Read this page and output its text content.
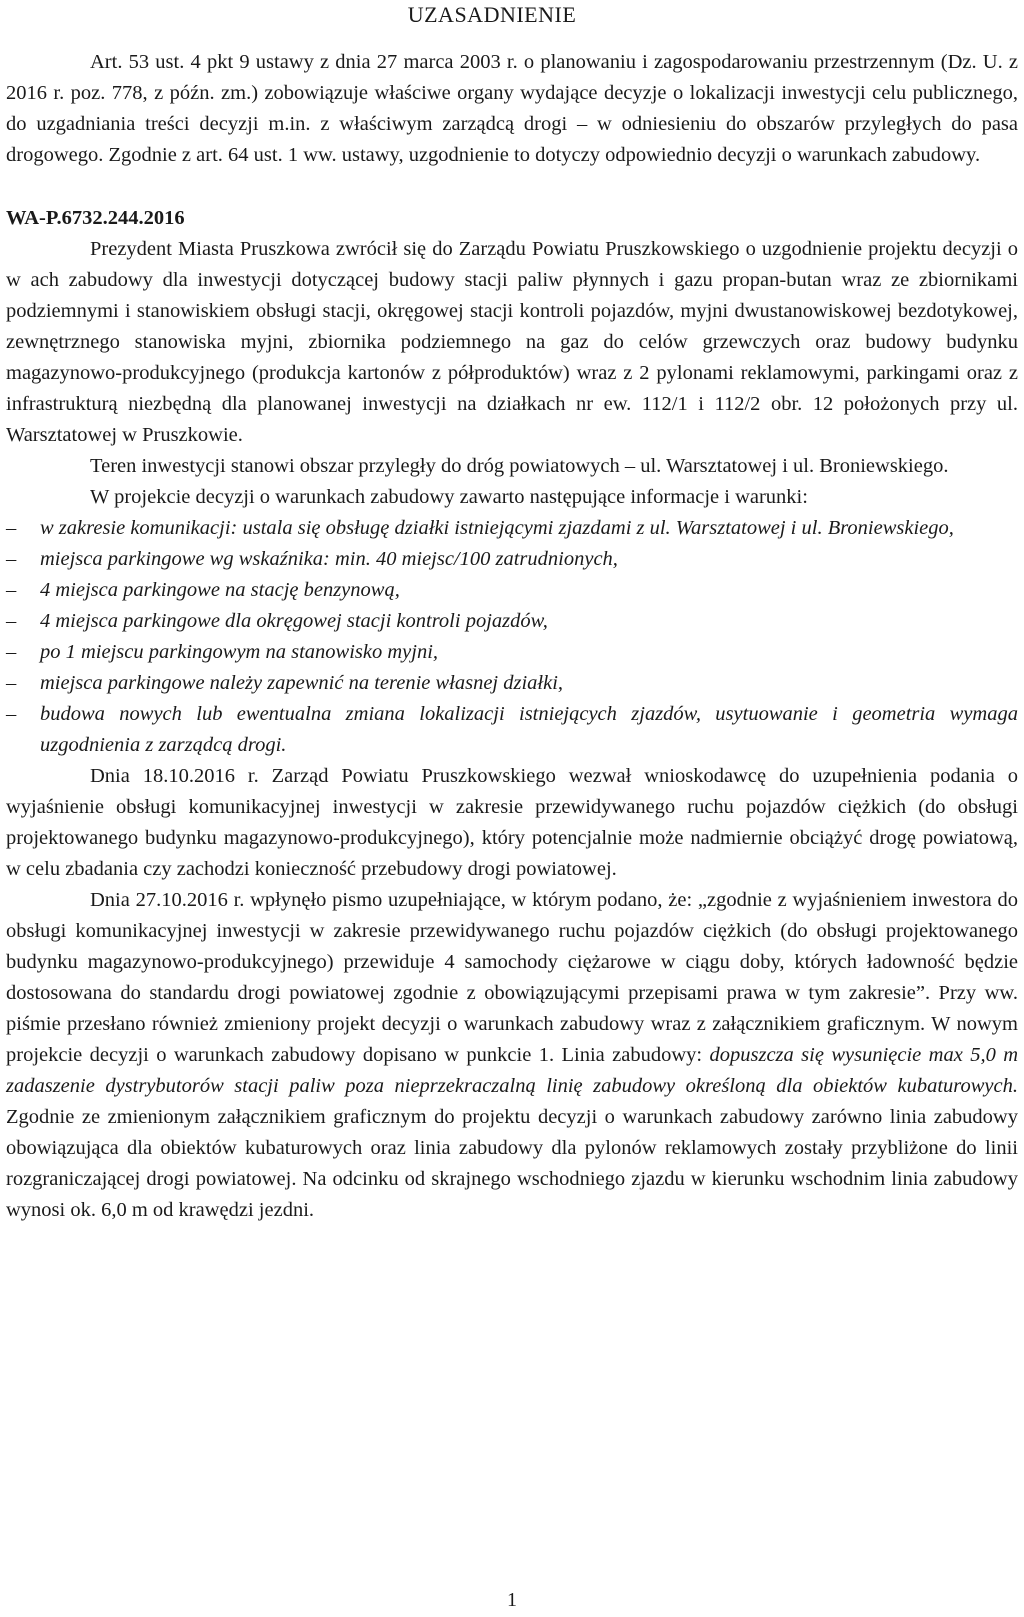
UZASADNIENIE

Art. 53 ust. 4 pkt 9 ustawy z dnia 27 marca 2003 r. o planowaniu i zagospodarowaniu przestrzennym (Dz. U. z 2016 r. poz. 778, z późn. zm.) zobowiązuje właściwe organy wydające decyzje o lokalizacji inwestycji celu publicznego, do uzgadniania treści decyzji m.in. z właściwym zarządcą drogi – w odniesieniu do obszarów przyległych do pasa drogowego. Zgodnie z art. 64 ust. 1 ww. ustawy, uzgodnienie to dotyczy odpowiednio decyzji o warunkach zabudowy.

WA-P.6732.244.2016

Prezydent Miasta Pruszkowa zwrócił się do Zarządu Powiatu Pruszkowskiego o uzgodnienie projektu decyzji o w ach zabudowy dla inwestycji dotyczącej budowy stacji paliw płynnych i gazu propan-butan wraz ze zbiornikami podziemnymi i stanowiskiem obsługi stacji, okręgowej stacji kontroli pojazdów, myjni dwustanowiskowej bezdotykowej, zewnętrznego stanowiska myjni, zbiornika podziemnego na gaz do celów grzewczych oraz budowy budynku magazynowo-produkcyjnego (produkcja kartonów z półproduktów) wraz z 2 pylonami reklamowymi, parkingami oraz z infrastrukturą niezbędną dla planowanej inwestycji na działkach nr ew. 112/1 i 112/2 obr. 12 położonych przy ul. Warsztatowej w Pruszkowie.

Teren inwestycji stanowi obszar przyległy do dróg powiatowych – ul. Warsztatowej i ul. Broniewskiego.

W projekcie decyzji o warunkach zabudowy zawarto następujące informacje i warunki:

– w zakresie komunikacji: ustala się obsługę działki istniejącymi zjazdami z ul. Warsztatowej i ul. Broniewskiego,
– miejsca parkingowe wg wskaźnika: min. 40 miejsc/100 zatrudnionych,
– 4 miejsca parkingowe na stację benzynową,
– 4 miejsca parkingowe dla okręgowej stacji kontroli pojazdów,
– po 1 miejscu parkingowym na stanowisko myjni,
– miejsca parkingowe należy zapewnić na terenie własnej działki,
– budowa nowych lub ewentualna zmiana lokalizacji istniejących zjazdów, usytuowanie i geometria wymaga uzgodnienia z zarządcą drogi.

Dnia 18.10.2016 r. Zarząd Powiatu Pruszkowskiego wezwał wnioskodawcę do uzupełnienia podania o wyjaśnienie obsługi komunikacyjnej inwestycji w zakresie przewidywanego ruchu pojazdów ciężkich (do obsługi projektowanego budynku magazynowo-produkcyjnego), który potencjalnie może nadmiernie obciążyć drogę powiatową, w celu zbadania czy zachodzi konieczność przebudowy drogi powiatowej.

Dnia 27.10.2016 r. wpłynęło pismo uzupełniające, w którym podano, że: „zgodnie z wyjaśnieniem inwestora do obsługi komunikacyjnej inwestycji w zakresie przewidywanego ruchu pojazdów ciężkich (do obsługi projektowanego budynku magazynowo-produkcyjnego) przewiduje 4 samochody ciężarowe w ciągu doby, których ładowność będzie dostosowana do standardu drogi powiatowej zgodnie z obowiązującymi przepisami prawa w tym zakresie”. Przy ww. piśmie przesłano również zmieniony projekt decyzji o warunkach zabudowy wraz z załącznikiem graficznym. W nowym projekcie decyzji o warunkach zabudowy dopisano w punkcie 1. Linia zabudowy: dopuszcza się wysunięcie max 5,0 m zadaszenie dystrybutorów stacji paliw poza nieprzekraczalną linię zabudowy określoną dla obiektów kubaturowych. Zgodnie ze zmienionym załącznikiem graficznym do projektu decyzji o warunkach zabudowy zarówno linia zabudowy obowiązująca dla obiektów kubaturowych oraz linia zabudowy dla pylonów reklamowych zostały przybliżone do linii rozgraniczającej drogi powiatowej. Na odcinku od skrajnego wschodniego zjazdu w kierunku wschodnim linia zabudowy wynosi ok. 6,0 m od krawędzi jezdni.

1
